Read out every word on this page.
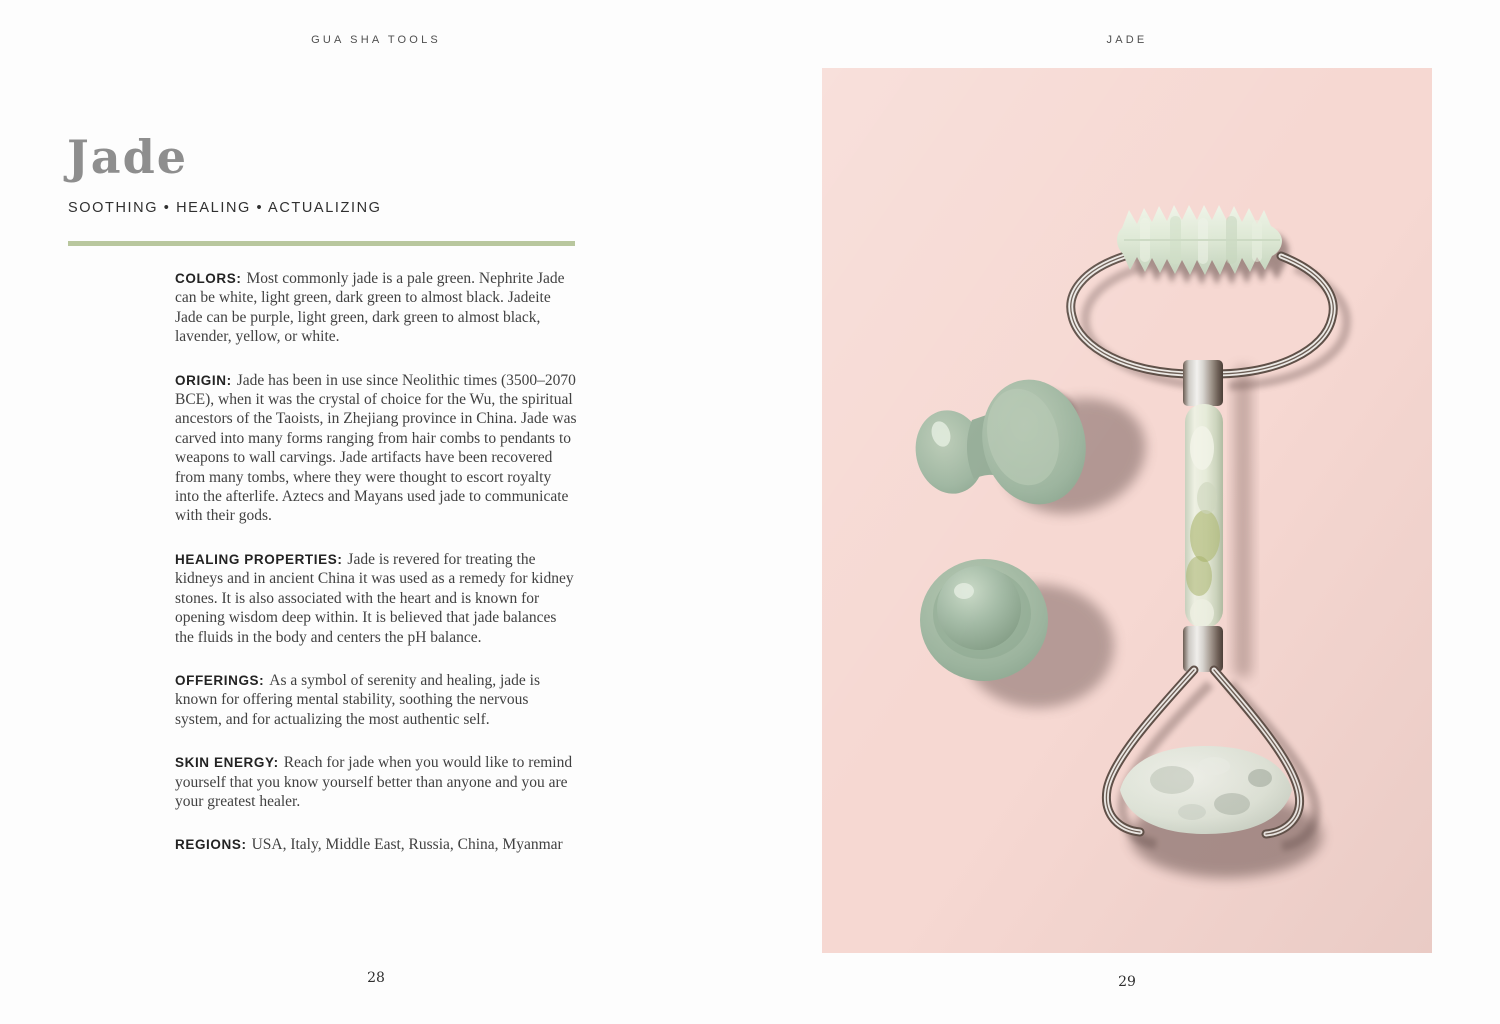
GUA SHA TOOLS
Jade
SOOTHING • HEALING • ACTUALIZING

COLORS: Most commonly jade is a pale green. Nephrite Jade can be white, light green, dark green to almost black. Jadeite Jade can be purple, light green, dark green to almost black, lavender, yellow, or white.

ORIGIN: Jade has been in use since Neolithic times (3500–2070 BCE), when it was the crystal of choice for the Wu, the spiritual ancestors of the Taoists, in Zhejiang province in China. Jade was carved into many forms ranging from hair combs to pendants to weapons to wall carvings. Jade artifacts have been recovered from many tombs, where they were thought to escort royalty into the afterlife. Aztecs and Mayans used jade to communicate with their gods.

HEALING PROPERTIES: Jade is revered for treating the kidneys and in ancient China it was used as a remedy for kidney stones. It is also associated with the heart and is known for opening wisdom deep within. It is believed that jade balances the fluids in the body and centers the pH balance.

OFFERINGS: As a symbol of serenity and healing, jade is known for offering mental stability, soothing the nervous system, and for actualizing the most authentic self.

SKIN ENERGY: Reach for jade when you would like to remind yourself that you know yourself better than anyone and you are your greatest healer.

REGIONS: USA, Italy, Middle East, Russia, China, Myanmar

28
JADE
29
